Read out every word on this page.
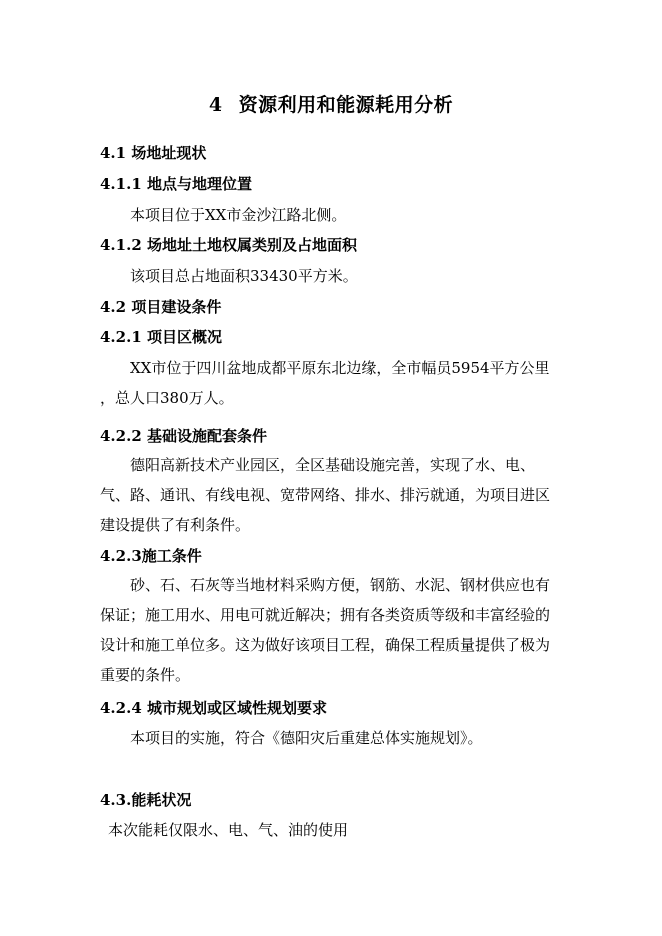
4 资源利用和能源耗用分析
4.1 场地址现状
4.1.1 地点与地理位置
本项目位于XX市金沙江路北侧。
4.1.2 场地址土地权属类别及占地面积
该项目总占地面积33430平方米。
4.2 项目建设条件
4.2.1 项目区概况
XX市位于四川盆地成都平原东北边缘，全市幅员5954平方公里
，总人口380万人。
4.2.2 基础设施配套条件
德阳高新技术产业园区，全区基础设施完善，实现了水、电、气、路、通讯、有线电视、宽带网络、排水、排污就通，为项目进区建设提供了有利条件。
4.2.3施工条件
砂、石、石灰等当地材料采购方便，钢筋、水泥、钢材供应也有保证；施工用水、用电可就近解决；拥有各类资质等级和丰富经验的设计和施工单位多。这为做好该项目工程，确保工程质量提供了极为重要的条件。
4.2.4 城市规划或区域性规划要求
本项目的实施，符合《德阳灾后重建总体实施规划》。
4.3.能耗状况
本次能耗仅限水、电、气、油的使用
